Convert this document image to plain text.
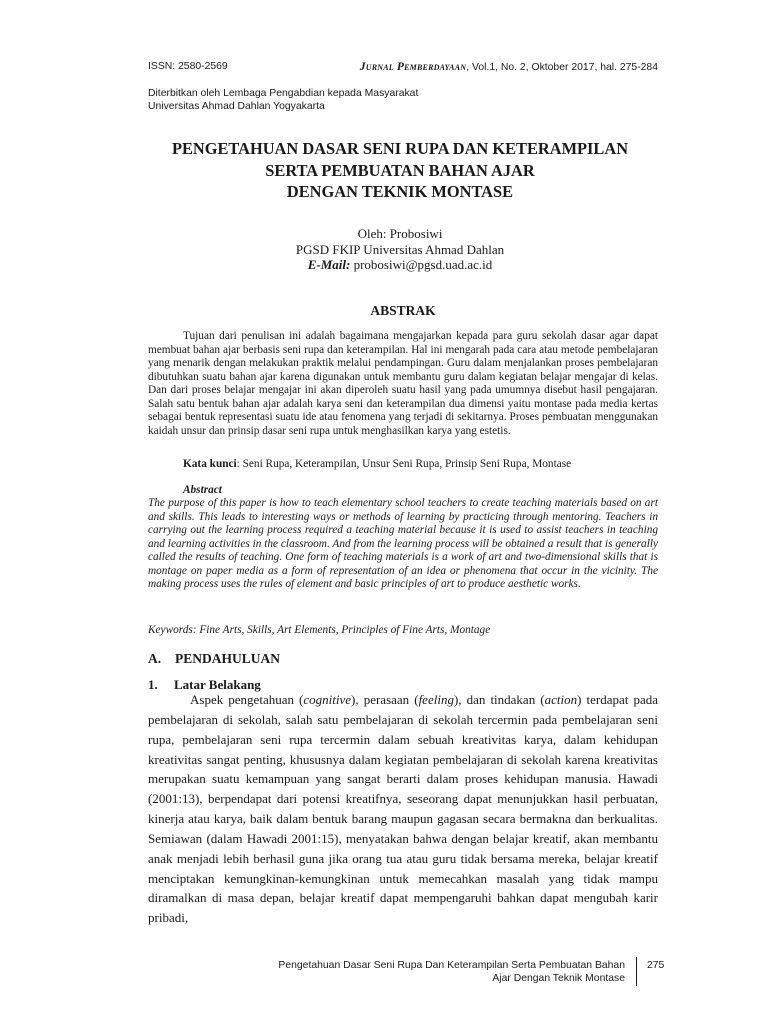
ISSN: 2580-2569	Jurnal Pemberdayaan, Vol.1, No. 2, Oktober 2017, hal. 275-284
Diterbitkan oleh Lembaga Pengabdian kepada Masyarakat
Universitas Ahmad Dahlan Yogyakarta
PENGETAHUAN DASAR SENI RUPA DAN KETERAMPILAN
SERTA PEMBUATAN BAHAN AJAR
DENGAN TEKNIK MONTASE
Oleh: Probosiwi
PGSD FKIP Universitas Ahmad Dahlan
E-Mail: probosiwi@pgsd.uad.ac.id
ABSTRAK
Tujuan dari penulisan ini adalah bagaimana mengajarkan kepada para guru sekolah dasar agar dapat membuat bahan ajar berbasis seni rupa dan keterampilan. Hal ini mengarah pada cara atau metode pembelajaran yang menarik dengan melakukan praktik melalui pendampingan. Guru dalam menjalankan proses pembelajaran dibutuhkan suatu bahan ajar karena digunakan untuk membantu guru dalam kegiatan belajar mengajar di kelas. Dan dari proses belajar mengajar ini akan diperoleh suatu hasil yang pada umumnya disebut hasil pengajaran. Salah satu bentuk bahan ajar adalah karya seni dan keterampilan dua dimensi yaitu montase pada media kertas sebagai bentuk representasi suatu ide atau fenomena yang terjadi di sekitarnya. Proses pembuatan menggunakan kaidah unsur dan prinsip dasar seni rupa untuk menghasilkan karya yang estetis.
Kata kunci: Seni Rupa, Keterampilan, Unsur Seni Rupa, Prinsip Seni Rupa, Montase
Abstract
The purpose of this paper is how to teach elementary school teachers to create teaching materials based on art and skills. This leads to interesting ways or methods of learning by practicing through mentoring. Teachers in carrying out the learning process required a teaching material because it is used to assist teachers in teaching and learning activities in the classroom. And from the learning process will be obtained a result that is generally called the results of teaching. One form of teaching materials is a work of art and two-dimensional skills that is montage on paper media as a form of representation of an idea or phenomena that occur in the vicinity. The making process uses the rules of element and basic principles of art to produce aesthetic works.
Keywords: Fine Arts, Skills, Art Elements, Principles of Fine Arts, Montage
A. PENDAHULUAN
1. Latar Belakang
Aspek pengetahuan (cognitive), perasaan (feeling), dan tindakan (action) terdapat pada pembelajaran di sekolah, salah satu pembelajaran di sekolah tercermin pada pembelajaran seni rupa, pembelajaran seni rupa tercermin dalam sebuah kreativitas karya, dalam kehidupan kreativitas sangat penting, khususnya dalam kegiatan pembelajaran di sekolah karena kreativitas merupakan suatu kemampuan yang sangat berarti dalam proses kehidupan manusia. Hawadi (2001:13), berpendapat dari potensi kreatifnya, seseorang dapat menunjukkan hasil perbuatan, kinerja atau karya, baik dalam bentuk barang maupun gagasan secara bermakna dan berkualitas. Semiawan (dalam Hawadi 2001:15), menyatakan bahwa dengan belajar kreatif, akan membantu anak menjadi lebih berhasil guna jika orang tua atau guru tidak bersama mereka, belajar kreatif menciptakan kemungkinan-kemungkinan untuk memecahkan masalah yang tidak mampu diramalkan di masa depan, belajar kreatif dapat mempengaruhi bahkan dapat mengubah karir pribadi,
Pengetahuan Dasar Seni Rupa Dan Keterampilan Serta Pembuatan Bahan
Ajar Dengan Teknik Montase
275
